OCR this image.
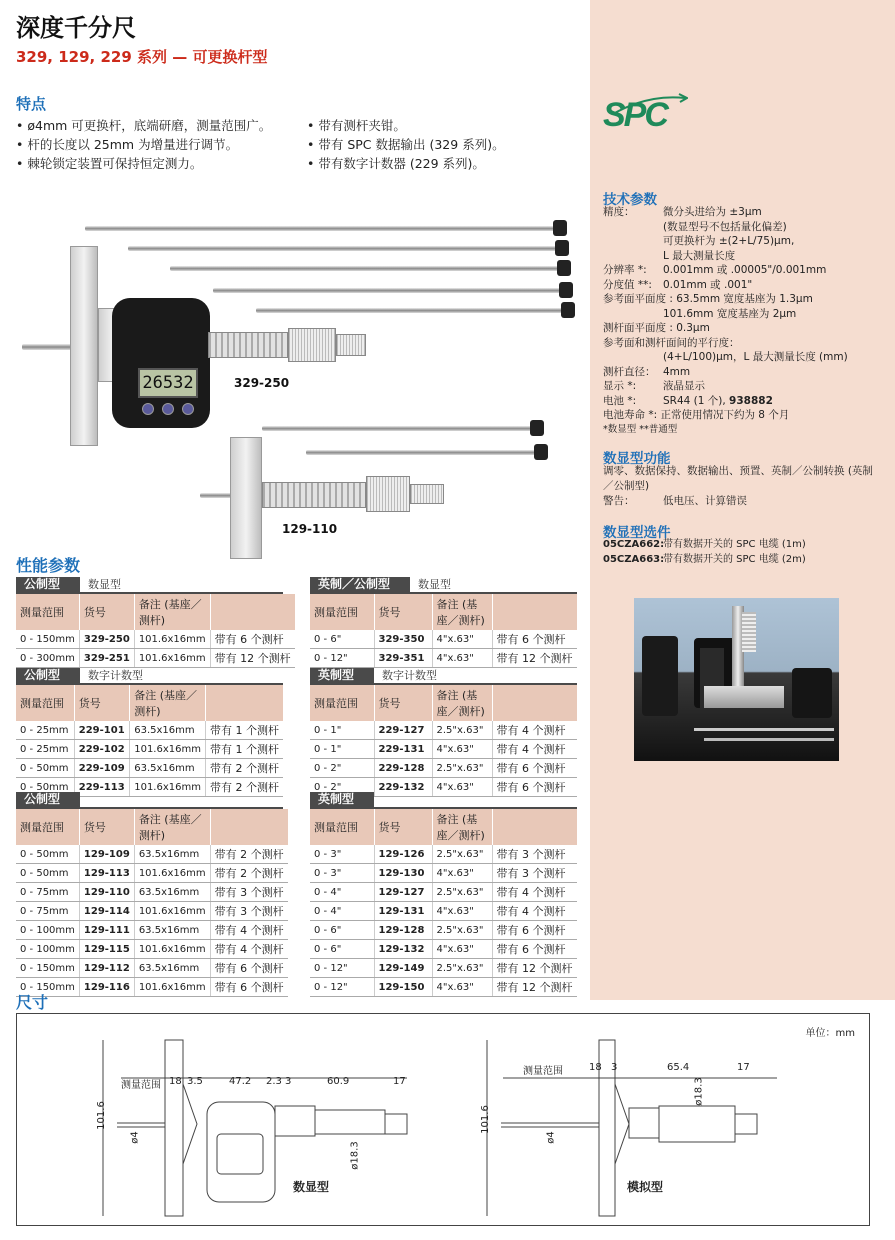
深度千分尺
329, 129, 229 系列 — 可更换杆型
特点
• ø4mm 可更换杆，底端研磨，测量范围广。
• 杆的长度以 25mm 为增量进行调节。
• 棘轮锁定装置可保持恒定测力。
• 带有测杆夹钳。
• 带有 SPC 数据输出 (329 系列)。
• 带有数字计数器 (229 系列)。
SPC
26532	329-250
129-110
技术参数
精度：	微分头进给为 ±3μm
(数显型号不包括量化偏差)
可更换杆为 ±(2+L/75)μm,
L 最大测量长度
分辨率 *:	0.001mm 或 .00005"/0.001mm
分度值 **:	0.01mm 或 .001"
参考面平面度 : 63.5mm 宽度基座为 1.3μm
101.6mm 宽度基座为 2μm
测杆面平面度 : 0.3μm
参考面和测杆面间的平行度：
(4+L/100)μm，L 最大测量长度 (mm)
测杆直径： 4mm
显示 *:	液晶显示
电池 *:	SR44 (1 个), 938882
电池寿命 *: 正常使用情况下约为 8 个月
*数显型 **普通型
数显型功能
调零、数据保持、数据输出、预置、英制／公制转换 (英制／公制型)
警告：	低电压、计算错误
数显型选件
05CZA662:
带有数据开关的 SPC 电缆 (1m)
05CZA663:
带有数据开关的 SPC 电缆 (2m)
性能参数
公制型	数显型
测量范围	货号	备注 (基座／测杆)	
0 - 150mm	329-250	101.6x16mm	带有 6 个测杆
0 - 300mm	329-251	101.6x16mm	带有 12 个测杆
英制／公制型	数显型
测量范围	货号	备注 (基座／测杆)	
0 - 6"	329-350	4"x.63"	带有 6 个测杆
0 - 12"	329-351	4"x.63"	带有 12 个测杆
公制型	数字计数型
测量范围	货号	备注 (基座／测杆)	
0 - 25mm	229-101	63.5x16mm	带有 1 个测杆
0 - 25mm	229-102	101.6x16mm	带有 1 个测杆
0 - 50mm	229-109	63.5x16mm	带有 2 个测杆
0 - 50mm	229-113	101.6x16mm	带有 2 个测杆
英制型	数字计数型
测量范围	货号	备注 (基座／测杆)	
0 - 1"	229-127	2.5"x.63"	带有 4 个测杆
0 - 1"	229-131	4"x.63"	带有 4 个测杆
0 - 2"	229-128	2.5"x.63"	带有 6 个测杆
0 - 2"	229-132	4"x.63"	带有 6 个测杆
公制型
测量范围	货号	备注 (基座／测杆)	
0 - 50mm	129-109	63.5x16mm	带有 2 个测杆
0 - 50mm	129-113	101.6x16mm	带有 2 个测杆
0 - 75mm	129-110	63.5x16mm	带有 3 个测杆
0 - 75mm	129-114	101.6x16mm	带有 3 个测杆
0 - 100mm	129-111	63.5x16mm	带有 4 个测杆
0 - 100mm	129-115	101.6x16mm	带有 4 个测杆
0 - 150mm	129-112	63.5x16mm	带有 6 个测杆
0 - 150mm	129-116	101.6x16mm	带有 6 个测杆
英制型
测量范围	货号	备注 (基座／测杆)	
0 - 3"	129-126	2.5"x.63"	带有 3 个测杆
0 - 3"	129-130	4"x.63"	带有 3 个测杆
0 - 4"	129-127	2.5"x.63"	带有 4 个测杆
0 - 4"	129-131	4"x.63"	带有 4 个测杆
0 - 6"	129-128	2.5"x.63"	带有 6 个测杆
0 - 6"	129-132	4"x.63"	带有 6 个测杆
0 - 12"	129-149	2.5"x.63"	带有 12 个测杆
0 - 12"	129-150	4"x.63"	带有 12 个测杆
尺寸
单位：mm
测量范围 18 3.5	47.2 2.3 3	60.9	17
101.6
ø4
ø18.3
数显型
测量范围	18 3	65.4	17
101.6
ø4
ø18.3
模拟型
